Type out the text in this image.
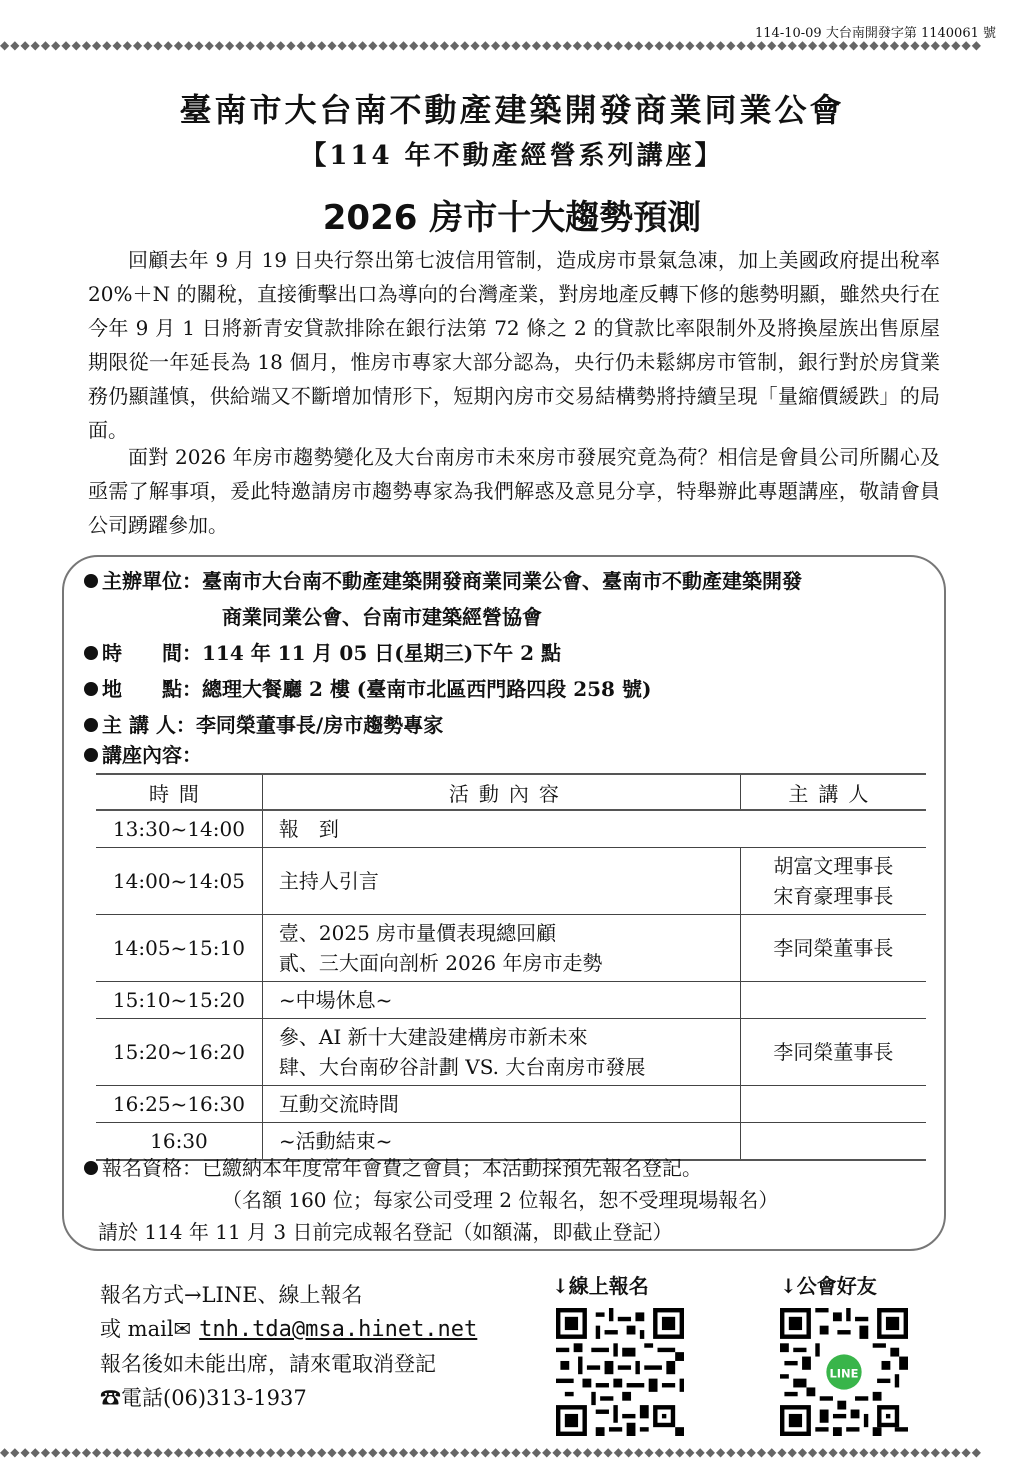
114-10-09 大台南開發字第 1140061 號
◆◆◆◆◆◆◆◆◆◆◆◆◆◆◆◆◆◆◆◆◆◆◆◆◆◆◆◆◆◆◆◆◆◆◆◆◆◆◆◆◆◆◆◆◆◆◆◆◆◆◆◆◆◆◆◆◆◆◆◆◆◆◆◆◆◆◆◆◆◆◆◆◆◆◆◆◆◆◆◆◆◆◆◆◆◆◆◆◆◆◆◆◆◆◆◆
臺南市大台南不動產建築開發商業同業公會
【114 年不動產經營系列講座】
2026 房市十大趨勢預測
回顧去年 9 月 19 日央行祭出第七波信用管制，造成房市景氣急凍，加上美國政府提出稅率 20%＋N 的關稅，直接衝擊出口為導向的台灣產業，對房地產反轉下修的態勢明顯，雖然央行在今年 9 月 1 日將新青安貸款排除在銀行法第 72 條之 2 的貸款比率限制外及將換屋族出售原屋期限從一年延長為 18 個月，惟房市專家大部分認為，央行仍未鬆綁房市管制，銀行對於房貸業務仍顯謹慎，供給端又不斷增加情形下，短期內房市交易結構勢將持續呈現「量縮價緩跌」的局面。
面對 2026 年房市趨勢變化及大台南房市未來房市發展究竟為荷？相信是會員公司所關心及亟需了解事項，爰此特邀請房市趨勢專家為我們解惑及意見分享，特舉辦此專題講座，敬請會員公司踴躍參加。
主辦單位：臺南市大台南不動產建築開發商業同業公會、臺南市不動產建築開發
商業同業公會、台南市建築經營協會
時　　間：114 年 11 月 05 日(星期三)下午 2 點
地　　點：總理大餐廳 2 樓 (臺南市北區西門路四段 258 號)
主 講 人：李同榮董事長/房市趨勢專家
講座內容：
時間	活動內容	主講人
13:30~14:00	報　到	

14:00~14:05	主持人引言	胡富文理事長
宋育豪理事長

14:05~15:10	壹、2025 房市量價表現總回顧
貳、三大面向剖析 2026 年房市走勢	李同榮董事長

15:10~15:20	~中場休息~	

15:20~16:20	參、AI 新十大建設建構房市新未來
肆、大台南矽谷計劃 VS. 大台南房市發展	李同榮董事長

16:25~16:30	互動交流時間	

16:30	~活動結束~	

報名資格：已繳納本年度常年會費之會員；本活動採預先報名登記。
（名額 160 位；每家公司受理 2 位報名，恕不受理現場報名）
請於 114 年 11 月 3 日前完成報名登記（如額滿，即截止登記）
報名方式→LINE、線上報名
或 mail✉ tnh.tda@msa.hinet.net
報名後如未能出席，請來電取消登記
☎電話(06)313-1937
↓線上報名	↓公會好友
LINE
◆◆◆◆◆◆◆◆◆◆◆◆◆◆◆◆◆◆◆◆◆◆◆◆◆◆◆◆◆◆◆◆◆◆◆◆◆◆◆◆◆◆◆◆◆◆◆◆◆◆◆◆◆◆◆◆◆◆◆◆◆◆◆◆◆◆◆◆◆◆◆◆◆◆◆◆◆◆◆◆◆◆◆◆◆◆◆◆◆◆◆◆◆◆◆◆
